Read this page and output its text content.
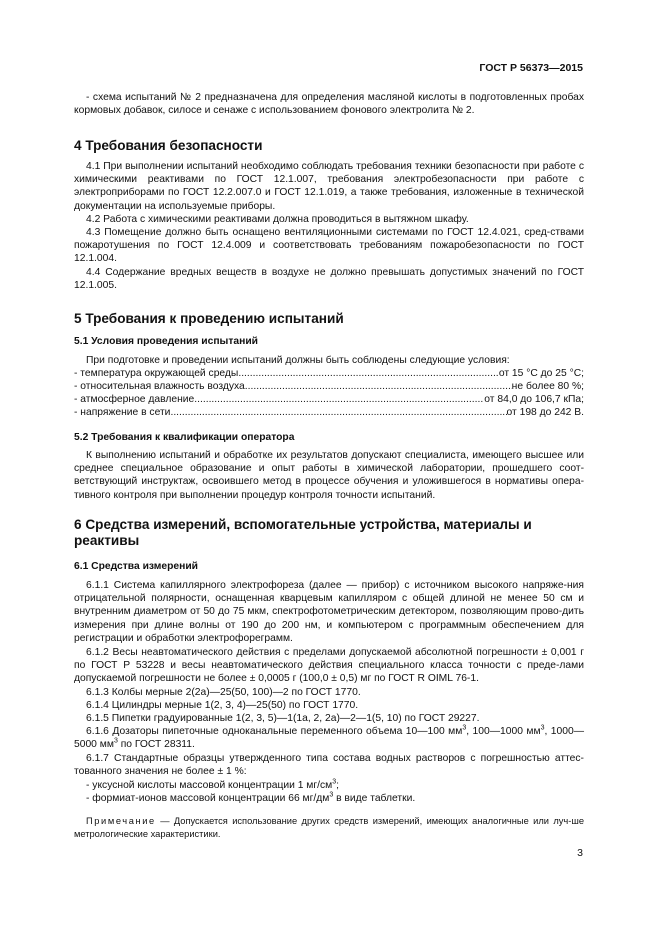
ГОСТ Р 56373—2015
- схема испытаний № 2 предназначена для определения масляной кислоты в подготовленных пробах кормовых добавок, силосе и сенаже с использованием фонового электролита № 2.
4 Требования безопасности
4.1 При выполнении испытаний необходимо соблюдать требования техники безопасности при работе с химическими реактивами по ГОСТ 12.1.007, требования электробезопасности при работе с электроприборами по ГОСТ 12.2.007.0 и ГОСТ 12.1.019, а также требования, изложенные в технической документации на используемые приборы.
4.2 Работа с химическими реактивами должна проводиться в вытяжном шкафу.
4.3 Помещение должно быть оснащено вентиляционными системами по ГОСТ 12.4.021, сред-ствами пожаротушения по ГОСТ 12.4.009 и соответствовать требованиям пожаробезопасности по ГОСТ 12.1.004.
4.4 Содержание вредных веществ в воздухе не должно превышать допустимых значений по ГОСТ 12.1.005.
5 Требования к проведению испытаний
5.1 Условия проведения испытаний
При подготовке и проведении испытаний должны быть соблюдены следующие условия:
- температура окружающей среды .....	от 15 °C до 25 °C;
- относительная влажность воздуха .....	не более 80 %;
- атмосферное давление .....	от 84,0 до 106,7 кПа;
- напряжение в сети .....	от 198 до 242 В.
5.2 Требования к квалификации оператора
К выполнению испытаний и обработке их результатов допускают специалиста, имеющего высшее или среднее специальное образование и опыт работы в химической лаборатории, прошедшего соот-ветствующий инструктаж, освоившего метод в процессе обучения и уложившегося в нормативы опера-тивного контроля при выполнении процедур контроля точности испытаний.
6 Средства измерений, вспомогательные устройства, материалы и реактивы
6.1 Средства измерений
6.1.1 Система капиллярного электрофореза (далее — прибор) с источником высокого напряже-ния отрицательной полярности, оснащенная кварцевым капилляром с общей длиной не менее 50 см и внутренним диаметром от 50 до 75 мкм, спектрофотометрическим детектором, позволяющим прово-дить измерения при длине волны от 190 до 200 нм, и компьютером с программным обеспечением для регистрации и обработки электрофореграмм.
6.1.2 Весы неавтоматического действия с пределами допускаемой абсолютной погрешности ± 0,001 г по ГОСТ Р 53228 и весы неавтоматического действия специального класса точности с преде-лами допускаемой погрешности не более ± 0,0005 г (100,0 ± 0,5) мг по ГОСТ R OIML 76-1.
6.1.3 Колбы мерные 2(2а)—25(50, 100)—2 по ГОСТ 1770.
6.1.4 Цилиндры мерные 1(2, 3, 4)—25(50) по ГОСТ 1770.
6.1.5 Пипетки градуированные 1(2, 3, 5)—1(1а, 2, 2а)—2—1(5, 10) по ГОСТ 29227.
6.1.6 Дозаторы пипеточные одноканальные переменного объема 10—100 $мм^3$, 100—1000 $мм^3$, 1000—5000 $мм^3$ по ГОСТ 28311.
6.1.7 Стандартные образцы утвержденного типа состава водных растворов с погрешностью аттес-тованного значения не более ± 1 %:
- уксусной кислоты массовой концентрации 1 $мг/см^3$;
- формиат-ионов массовой концентрации 66 $мг/дм^3$ в виде таблетки.
Примечание — Допускается использование других средств измерений, имеющих аналогичные или луч-ше метрологические характеристики.
3
